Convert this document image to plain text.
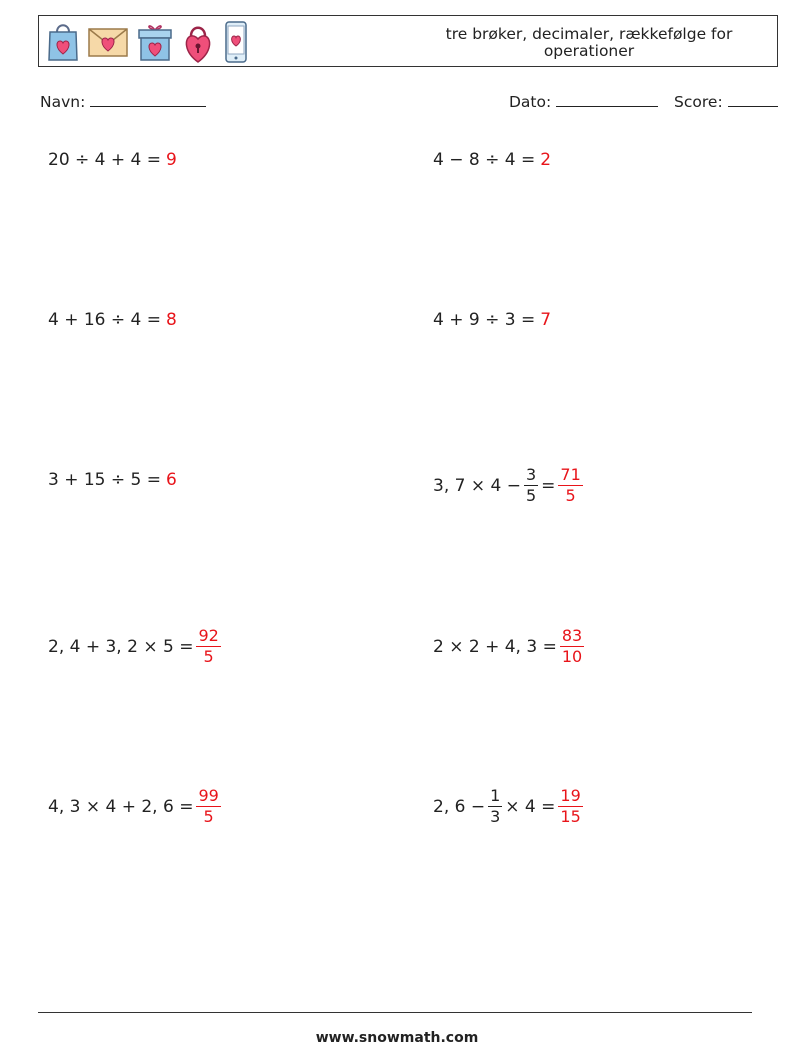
tre brøker, decimaler, rækkefølge for operationer
Navn:	Dato:	Score:
20 ÷ 4 + 4 = 9	4 − 8 ÷ 4 = 2
4 + 16 ÷ 4 = 8	4 + 9 ÷ 3 = 7
3 + 15 ÷ 5 = 6	3, $7 \times 4 - \frac{3}{5} = \frac{71}{5}$
2, 4 + 3, $2 \times 5 = \frac{92}{5}$	2 × 2 + 4, $3 = \frac{83}{10}$
4, 3 × 4 + 2, $6 = \frac{99}{5}$	2, $6 - \frac{1}{3} \times 4 = \frac{19}{15}$
www.snowmath.com
